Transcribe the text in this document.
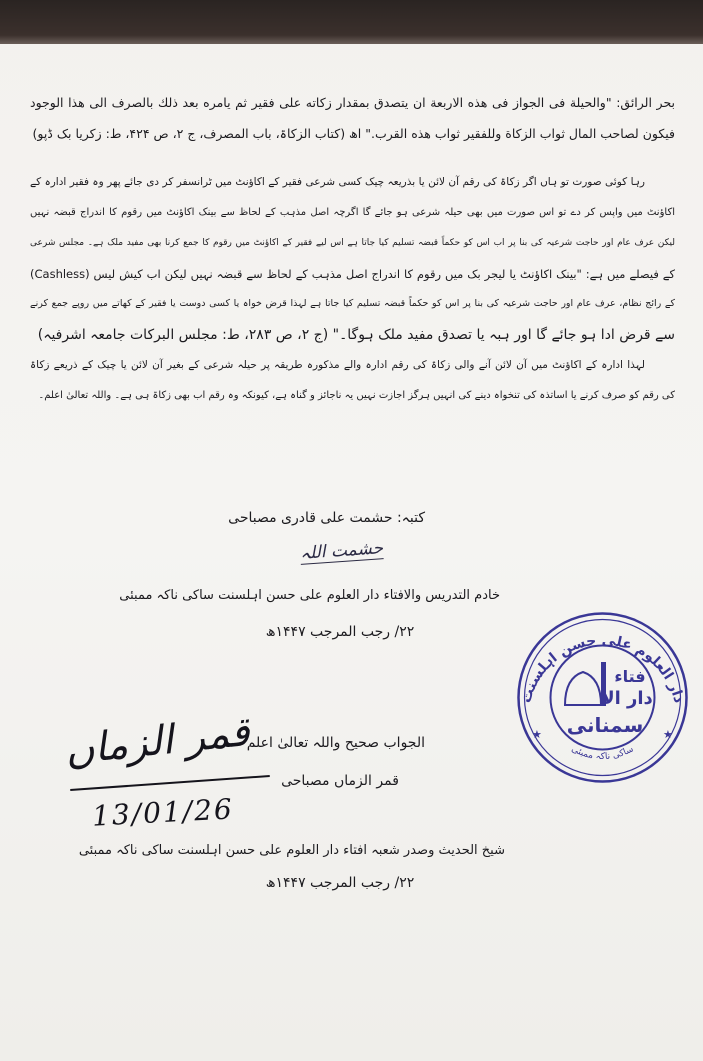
بحر الرائق: "والحیلة فی الجواز فی هذه الاربعة ان یتصدق بمقدار زكاته علی فقیر ثم یامره بعد ذلك بالصرف الی هذا الوجود
فیكون لصاحب المال ثواب الزكاة وللفقیر ثواب هذه القرب." اھ (کتاب الزکاۃ، باب المصرف، ج ۲، ص ۴۲۴، ط: زکریا بک ڈپو)
رہا کوئی صورت تو ہاں اگر زکاۃ کی رقم آن لائن یا بذریعہ چیک کسی شرعی فقیر کے اکاؤنٹ میں ٹرانسفر کر دی جائے پھر وہ فقیر ادارہ کے
اکاؤنٹ میں واپس کر دے تو اس صورت میں بھی حیلہ شرعی ہو جائے گا اگرچہ اصل مذہب کے لحاظ سے بینک اکاؤنٹ میں رقوم کا اندراج قبضہ نہیں
لیکن عرف عام اور حاجت شرعیہ کی بنا پر اب اس کو حکماً قبضہ تسلیم کیا جاتا ہے اس لیے فقیر کے اکاؤنٹ میں رقوم کا جمع کرنا بھی مفید ملک ہے۔ مجلس شرعی
کے فیصلے میں ہے: "بینک اکاؤنٹ یا لیجر بک میں رقوم کا اندراج اصل مذہب کے لحاظ سے قبضہ نہیں لیکن اب کیش لیس (Cashless)
کے رائج نظام، عرف عام اور حاجت شرعیہ کی بنا پر اس کو حکماً قبضہ تسلیم کیا جاتا ہے لہذا قرض خواہ یا کسی دوست یا فقیر کے کھاتے میں روپے جمع کرنے
سے قرض ادا ہو جائے گا اور ہبہ یا تصدق مفید ملک ہوگا۔" (ج ۲، ص ۲۸۳، ط: مجلس البرکات جامعہ اشرفیہ)
لہذا ادارہ کے اکاؤنٹ میں آن لائن آنے والی زکاۃ کی رقم ادارہ والے مذکورہ طریقہ پر حیلہ شرعی کے بغیر آن لائن یا چیک کے ذریعے زکاۃ
کی رقم کو صرف کرنے یا اساتذہ کی تنخواہ دینے کی انہیں ہرگز اجازت نہیں یہ ناجائز و گناہ ہے، کیونکہ وہ رقم اب بھی زکاۃ ہی ہے۔ واللہ تعالیٰ اعلم۔
کتبہ: حشمت علی قادری مصباحی
حشمت اللہ
خادم التدریس والافتاء دار العلوم علی حسن اہلسنت ساکی ناکہ ممبئی
۲۲/ رجب المرجب ۱۴۴۷ھ
قمر الزماں
13/01/26
الجواب صحیح واللہ تعالیٰ اعلم
قمر الزماں مصباحی
شیخ الحدیث وصدر شعبہ افتاء دار العلوم علی حسن اہلسنت ساکی ناکہ ممبئی
۲۲/ رجب المرجب ۱۴۴۷ھ
دار العلوم علی حسن اہلسنت
ساکی ناکہ ممبئی
★	★
فتاء
دار الا
سمنانی
